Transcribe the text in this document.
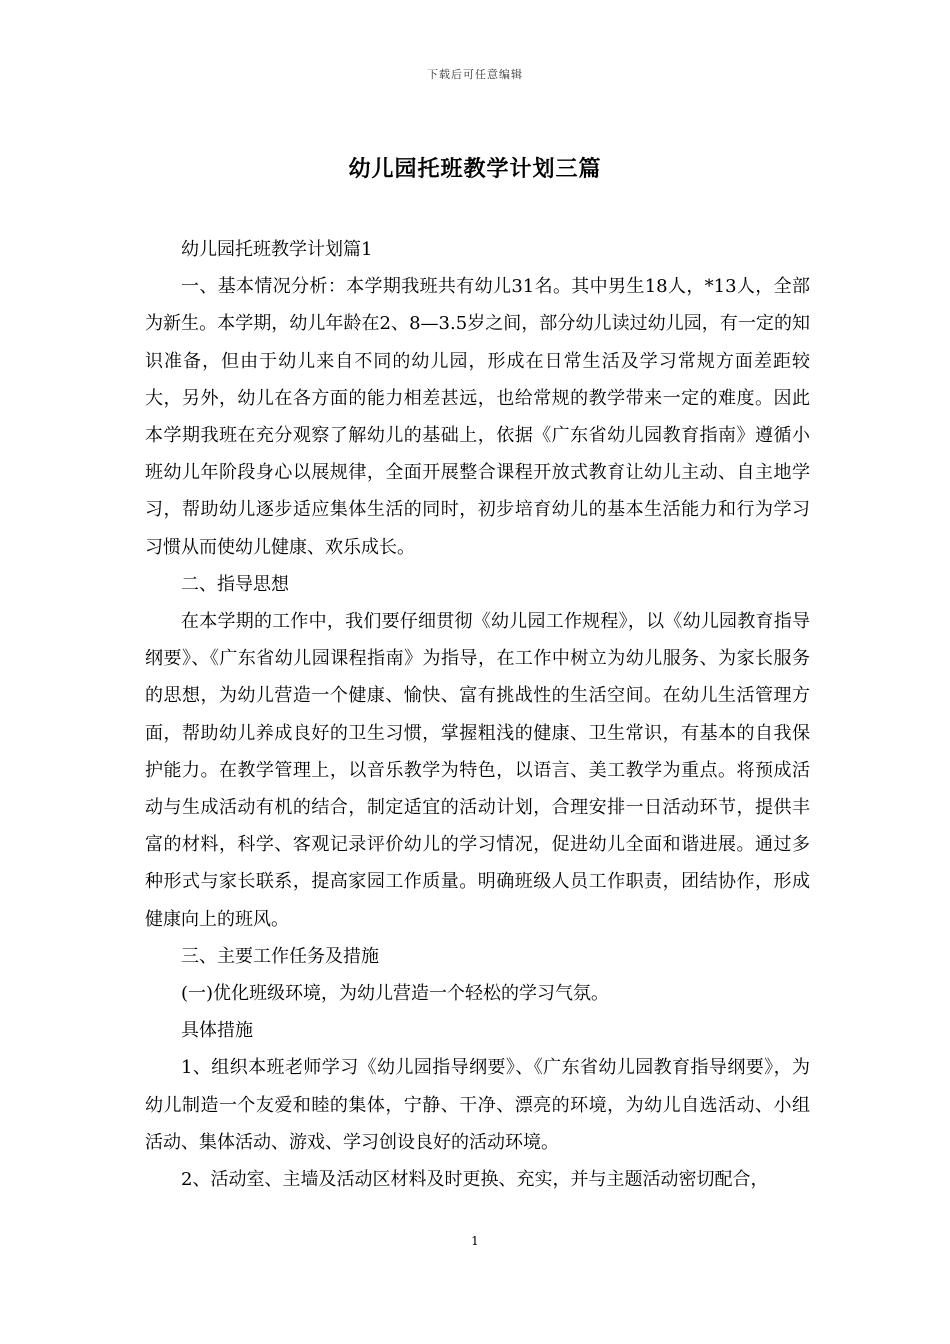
下载后可任意编辑
幼儿园托班教学计划三篇

幼儿园托班教学计划篇1

一、基本情况分析：本学期我班共有幼儿31名。其中男生18人，*13人，全部为新生。本学期，幼儿年龄在2、8—3.5岁之间，部分幼儿读过幼儿园，有一定的知识准备，但由于幼儿来自不同的幼儿园，形成在日常生活及学习常规方面差距较大，另外，幼儿在各方面的能力相差甚远，也给常规的教学带来一定的难度。因此本学期我班在充分观察了解幼儿的基础上，依据《广东省幼儿园教育指南》遵循小班幼儿年阶段身心以展规律，全面开展整合课程开放式教育让幼儿主动、自主地学习，帮助幼儿逐步适应集体生活的同时，初步培育幼儿的基本生活能力和行为学习习惯从而使幼儿健康、欢乐成长。

二、指导思想

在本学期的工作中，我们要仔细贯彻《幼儿园工作规程》，以《幼儿园教育指导纲要》、《广东省幼儿园课程指南》为指导，在工作中树立为幼儿服务、为家长服务的思想，为幼儿营造一个健康、愉快、富有挑战性的生活空间。在幼儿生活管理方面，帮助幼儿养成良好的卫生习惯，掌握粗浅的健康、卫生常识，有基本的自我保护能力。在教学管理上，以音乐教学为特色，以语言、美工教学为重点。将预成活动与生成活动有机的结合，制定适宜的活动计划，合理安排一日活动环节，提供丰富的材料，科学、客观记录评价幼儿的学习情况，促进幼儿全面和谐进展。通过多种形式与家长联系，提高家园工作质量。明确班级人员工作职责，团结协作，形成健康向上的班风。

三、主要工作任务及措施

(一)优化班级环境，为幼儿营造一个轻松的学习气氛。

具体措施

1、组织本班老师学习《幼儿园指导纲要》、《广东省幼儿园教育指导纲要》，为幼儿制造一个友爱和睦的集体，宁静、干净、漂亮的环境，为幼儿自选活动、小组活动、集体活动、游戏、学习创设良好的活动环境。

2、活动室、主墙及活动区材料及时更换、充实，并与主题活动密切配合，

1
